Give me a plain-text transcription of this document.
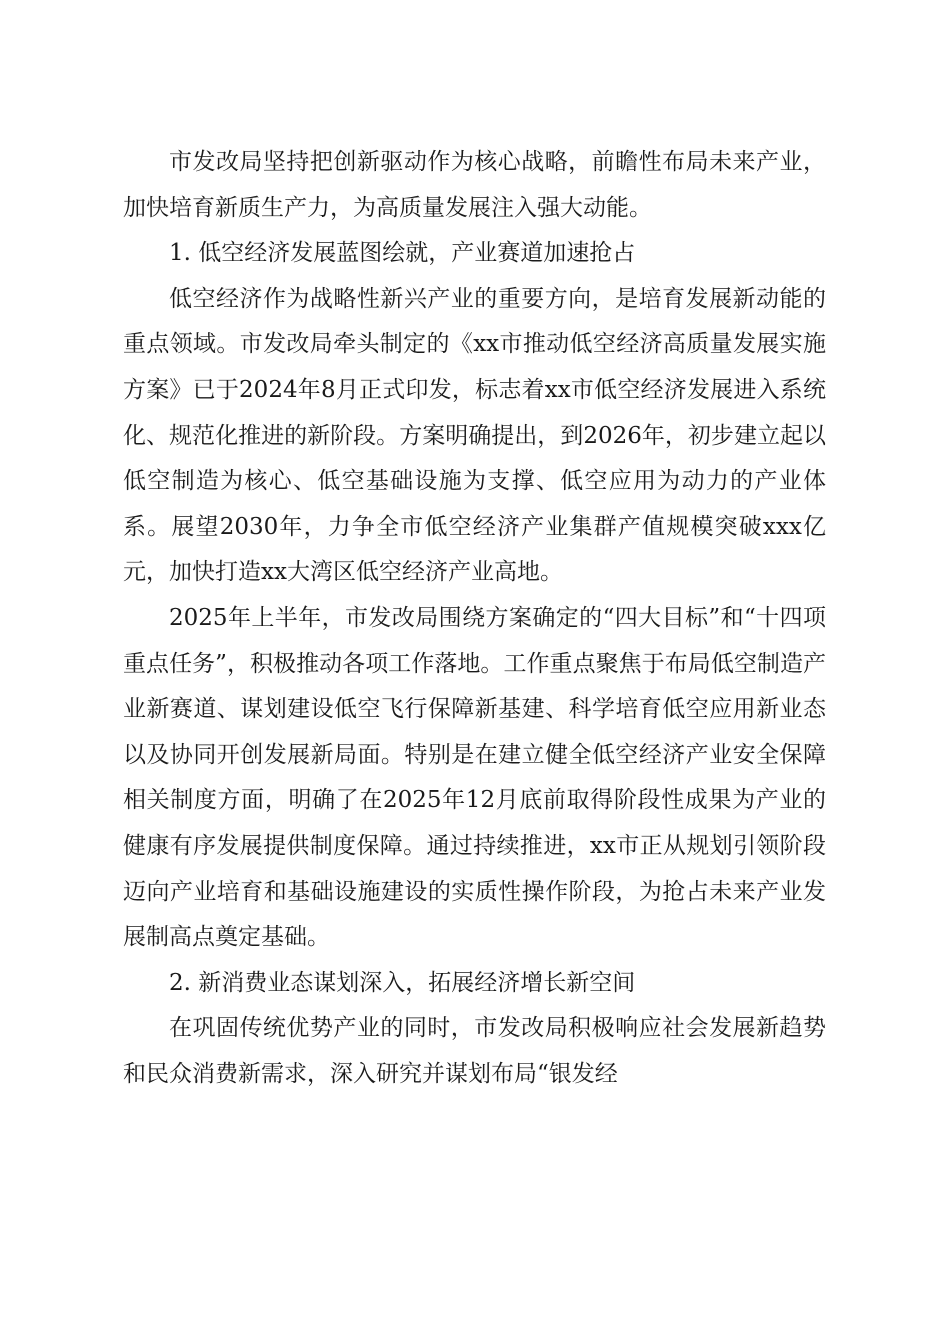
市发改局坚持把创新驱动作为核心战略，前瞻性布局未来产业，加快培育新质生产力，为高质量发展注入强大动能。

1. 低空经济发展蓝图绘就，产业赛道加速抢占

低空经济作为战略性新兴产业的重要方向，是培育发展新动能的重点领域。市发改局牵头制定的《xx市推动低空经济高质量发展实施方案》已于2024年8月正式印发，标志着xx市低空经济发展进入系统化、规范化推进的新阶段。方案明确提出，到2026年，初步建立起以低空制造为核心、低空基础设施为支撑、低空应用为动力的产业体系。展望2030年，力争全市低空经济产业集群产值规模突破xxx亿元，加快打造xx大湾区低空经济产业高地。

2025年上半年，市发改局围绕方案确定的“四大目标”和“十四项重点任务”，积极推动各项工作落地。工作重点聚焦于布局低空制造产业新赛道、谋划建设低空飞行保障新基建、科学培育低空应用新业态以及协同开创发展新局面。特别是在建立健全低空经济产业安全保障相关制度方面，明确了在2025年12月底前取得阶段性成果为产业的健康有序发展提供制度保障。通过持续推进，xx市正从规划引领阶段迈向产业培育和基础设施建设的实质性操作阶段，为抢占未来产业发展制高点奠定基础。

2. 新消费业态谋划深入，拓展经济增长新空间

在巩固传统优势产业的同时，市发改局积极响应社会发展新趋势和民众消费新需求，深入研究并谋划布局“银发经
